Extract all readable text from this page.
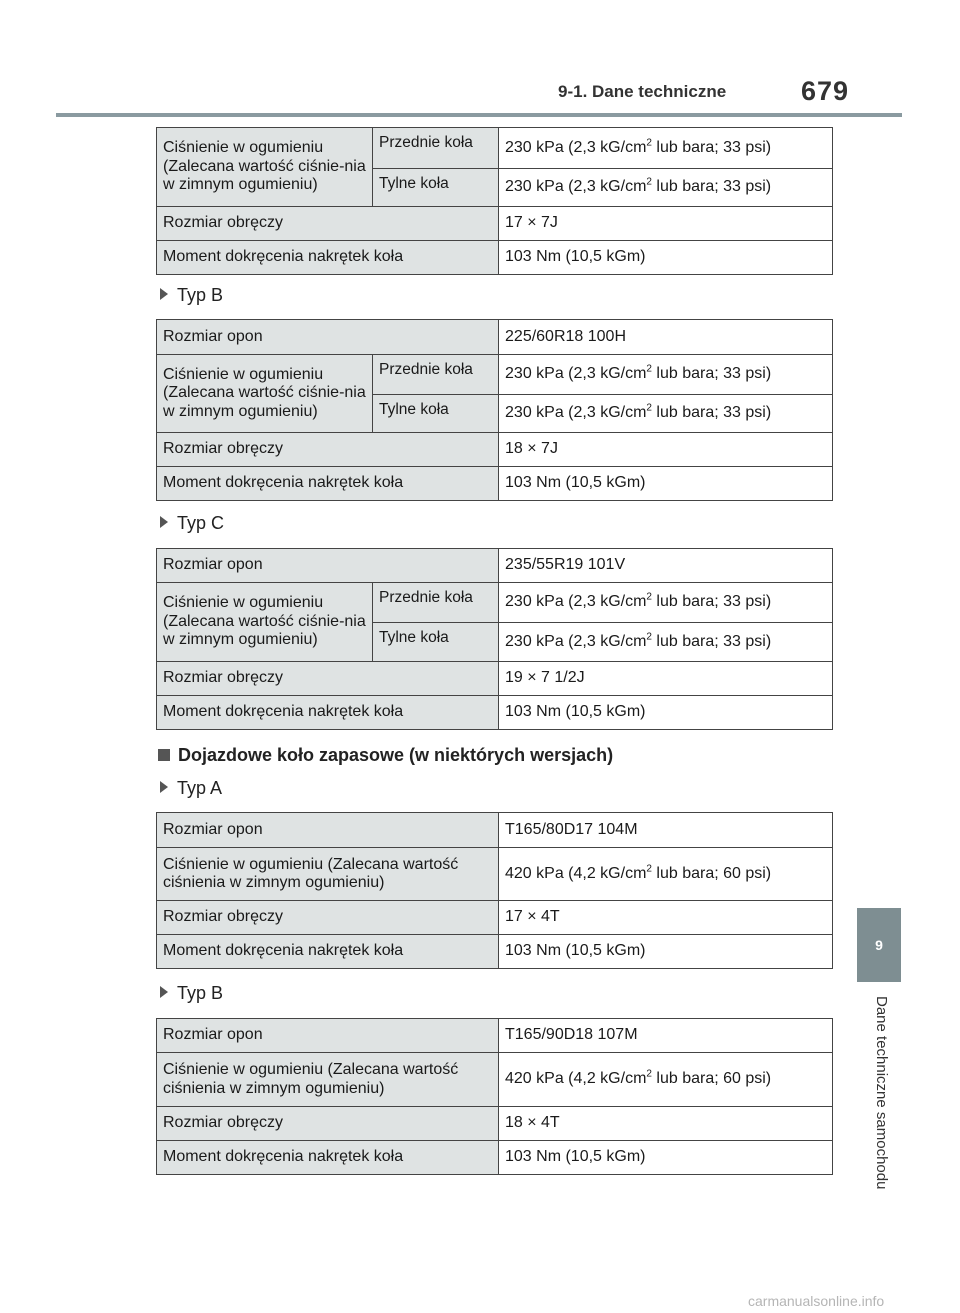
9-1. Dane techniczne	679
9
Dane techniczne samochodu
Ciśnienie w ogumieniu (Zalecana wartość ciśnie-nia w zimnym ogumieniu)	Przednie koła	230 kPa (2,3 $kG/cm^2$ lub bara; 33 psi)
	Tylne koła	230 kPa (2,3 $kG/cm^2$ lub bara; 33 psi)
Rozmiar obręczy		17 × 7J
Moment dokręcenia nakrętek koła		103 Nm (10,5 kGm)
Typ B
Rozmiar opon		225/60R18 100H
Ciśnienie w ogumieniu (Zalecana wartość ciśnie-nia w zimnym ogumieniu)	Przednie koła	230 kPa (2,3 $kG/cm^2$ lub bara; 33 psi)
	Tylne koła	230 kPa (2,3 $kG/cm^2$ lub bara; 33 psi)
Rozmiar obręczy		18 × 7J
Moment dokręcenia nakrętek koła		103 Nm (10,5 kGm)
Typ C
Rozmiar opon		235/55R19 101V
Ciśnienie w ogumieniu (Zalecana wartość ciśnie-nia w zimnym ogumieniu)	Przednie koła	230 kPa (2,3 $kG/cm^2$ lub bara; 33 psi)
	Tylne koła	230 kPa (2,3 $kG/cm^2$ lub bara; 33 psi)
Rozmiar obręczy		19 × 7 1/2J
Moment dokręcenia nakrętek koła		103 Nm (10,5 kGm)
Dojazdowe koło zapasowe (w niektórych wersjach)
Typ A
Rozmiar opon	T165/80D17 104M
Ciśnienie w ogumieniu (Zalecana wartość ciśnienia w zimnym ogumieniu)	420 kPa (4,2 $kG/cm^2$ lub bara; 60 psi)
Rozmiar obręczy	17 × 4T
Moment dokręcenia nakrętek koła	103 Nm (10,5 kGm)
Typ B
Rozmiar opon	T165/90D18 107M
Ciśnienie w ogumieniu (Zalecana wartość ciśnienia w zimnym ogumieniu)	420 kPa (4,2 $kG/cm^2$ lub bara; 60 psi)
Rozmiar obręczy	18 × 4T
Moment dokręcenia nakrętek koła	103 Nm (10,5 kGm)
carmanualsonline.info
